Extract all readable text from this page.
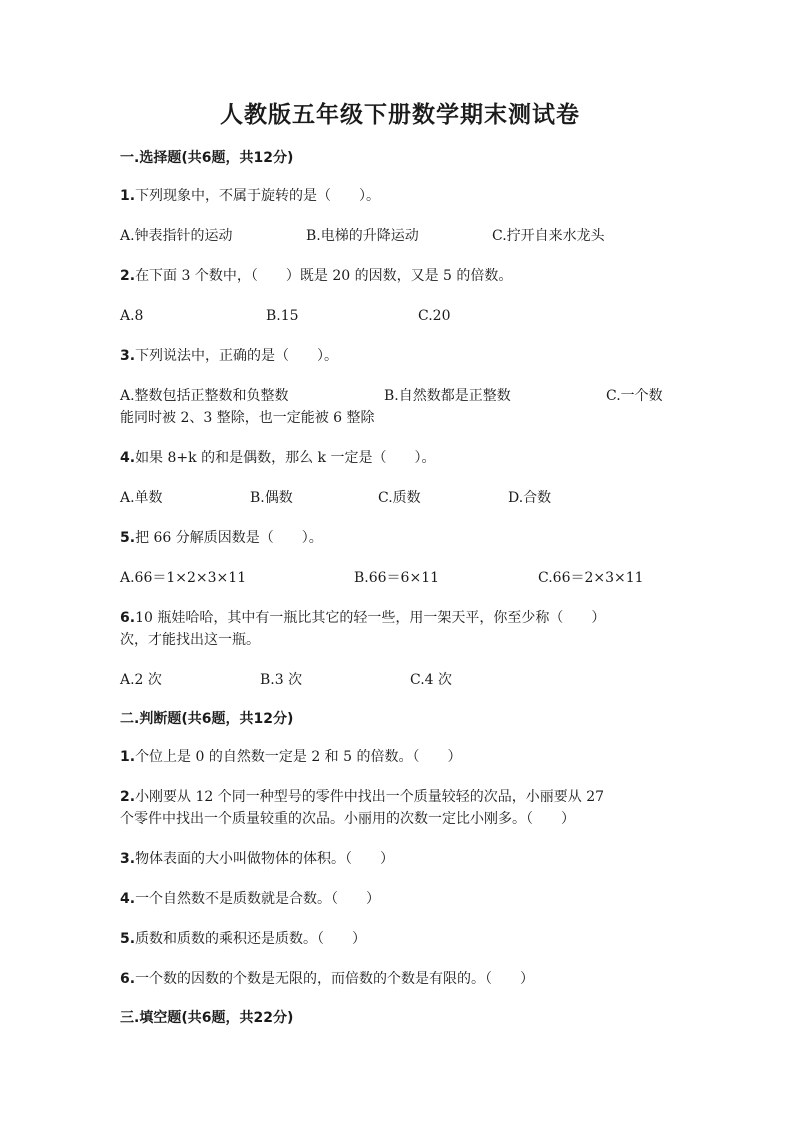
人教版五年级下册数学期末测试卷

一.选择题(共6题，共12分)

1.下列现象中，不属于旋转的是（　　）。

A.钟表指针的运动	B.电梯的升降运动	C.拧开自来水龙头

2.在下面 3 个数中，（　　）既是 20 的因数，又是 5 的倍数。

A.8	B.15	C.20

3.下列说法中，正确的是（　　）。

A.整数包括正整数和负整数	B.自然数都是正整数	C.一个数
能同时被 2、3 整除，也一定能被 6 整除

4.如果 8+k 的和是偶数，那么 k 一定是（　　）。

A.单数	B.偶数	C.质数	D.合数

5.把 66 分解质因数是（　　）。

A.66＝1×2×3×11	B.66＝6×11	C.66＝2×3×11

6.10 瓶娃哈哈，其中有一瓶比其它的轻一些，用一架天平，你至少称（　　）

次，才能找出这一瓶。

A.2 次	B.3 次	C.4 次

二.判断题(共6题，共12分)

1.个位上是 0 的自然数一定是 2 和 5 的倍数。（　　）

2.小刚要从 12 个同一种型号的零件中找出一个质量较轻的次品，小丽要从 27

个零件中找出一个质量较重的次品。小丽用的次数一定比小刚多。（　　）

3.物体表面的大小叫做物体的体积。（　　）

4.一个自然数不是质数就是合数。（　　）

5.质数和质数的乘积还是质数。（　　）

6.一个数的因数的个数是无限的，而倍数的个数是有限的。（　　）

三.填空题(共6题，共22分)
